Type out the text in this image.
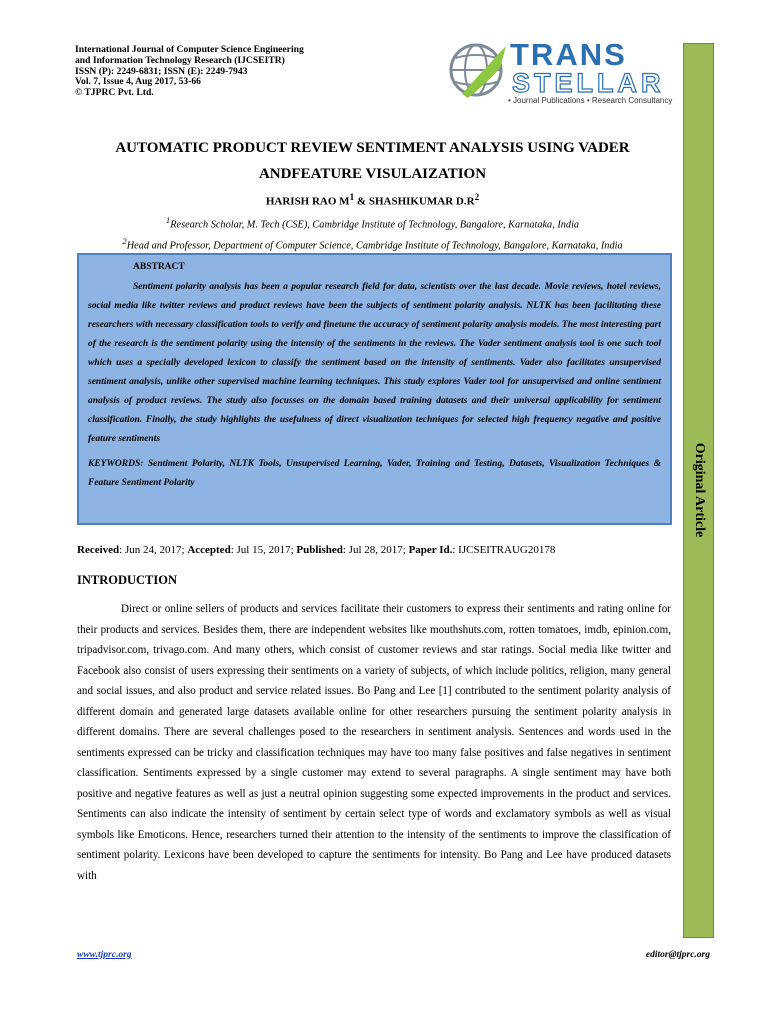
International Journal of Computer Science Engineering
and Information Technology Research (IJCSEITR)
ISSN (P): 2249-6831; ISSN (E): 2249-7943
Vol. 7, Issue 4, Aug 2017, 53-66
© TJPRC Pvt. Ltd.
TRANS
STELLAR
• Journal Publications • Research Consultancy
Original Article
AUTOMATIC PRODUCT REVIEW SENTIMENT ANALYSIS USING VADER
ANDFEATURE VISULAIZATION
HARISH RAO $M^1$ & SHASHIKUMAR $D.R^2$
$^1$Research Scholar, M. Tech (CSE), Cambridge Institute of Technology, Bangalore, Karnataka, India
$^2$Head and Professor, Department of Computer Science, Cambridge Institute of Technology, Bangalore, Karnataka, India
ABSTRACT
Sentiment polarity analysis has been a popular research field for data, scientists over the last decade. Movie reviews, hotel reviews, social media like twitter reviews and product reviews have been the subjects of sentiment polarity analysis. NLTK has been facilitating these researchers with necessary classification tools to verify and finetune the accuracy of sentiment polarity analysis models. The most interesting part of the research is the sentiment polarity using the intensity of the sentiments in the reviews. The Vader sentiment analysis tool is one such tool which uses a specially developed lexicon to classify the sentiment based on the intensity of sentiments. Vader also facilitates unsupervised sentiment analysis, unlike other supervised machine learning techniques. This study explores Vader tool for unsupervised and online sentiment analysis of product reviews. The study also focusses on the domain based training datasets and their universal applicability for sentiment classification. Finally, the study highlights the usefulness of direct visualization techniques for selected high frequency negative and positive feature sentiments
KEYWORDS: Sentiment Polarity, NLTK Tools, Unsupervised Learning, Vader, Training and Testing, Datasets, Visualization Techniques & Feature Sentiment Polarity
Received: Jun 24, 2017; Accepted: Jul 15, 2017; Published: Jul 28, 2017; Paper Id.: IJCSEITRAUG20178
INTRODUCTION

Direct or online sellers of products and services facilitate their customers to express their sentiments and rating online for their products and services. Besides them, there are independent websites like mouthshuts.com, rotten tomatoes, imdb, epinion.com, tripadvisor.com, trivago.com. And many others, which consist of customer reviews and star ratings. Social media like twitter and Facebook also consist of users expressing their sentiments on a variety of subjects, of which include politics, religion, many general and social issues, and also product and service related issues. Bo Pang and Lee [1] contributed to the sentiment polarity analysis of different domain and generated large datasets available online for other researchers pursuing the sentiment polarity analysis in different domains. There are several challenges posed to the researchers in sentiment analysis. Sentences and words used in the sentiments expressed can be tricky and classification techniques may have too many false positives and false negatives in sentiment classification. Sentiments expressed by a single customer may extend to several paragraphs. A single sentiment may have both positive and negative features as well as just a neutral opinion suggesting some expected improvements in the product and services. Sentiments can also indicate the intensity of sentiment by certain select type of words and exclamatory symbols as well as visual symbols like Emoticons. Hence, researchers turned their attention to the intensity of the sentiments to improve the classification of sentiment polarity. Lexicons have been developed to capture the sentiments for intensity. Bo Pang and Lee have produced datasets with

www.tjprc.org	editor@tjprc.org
